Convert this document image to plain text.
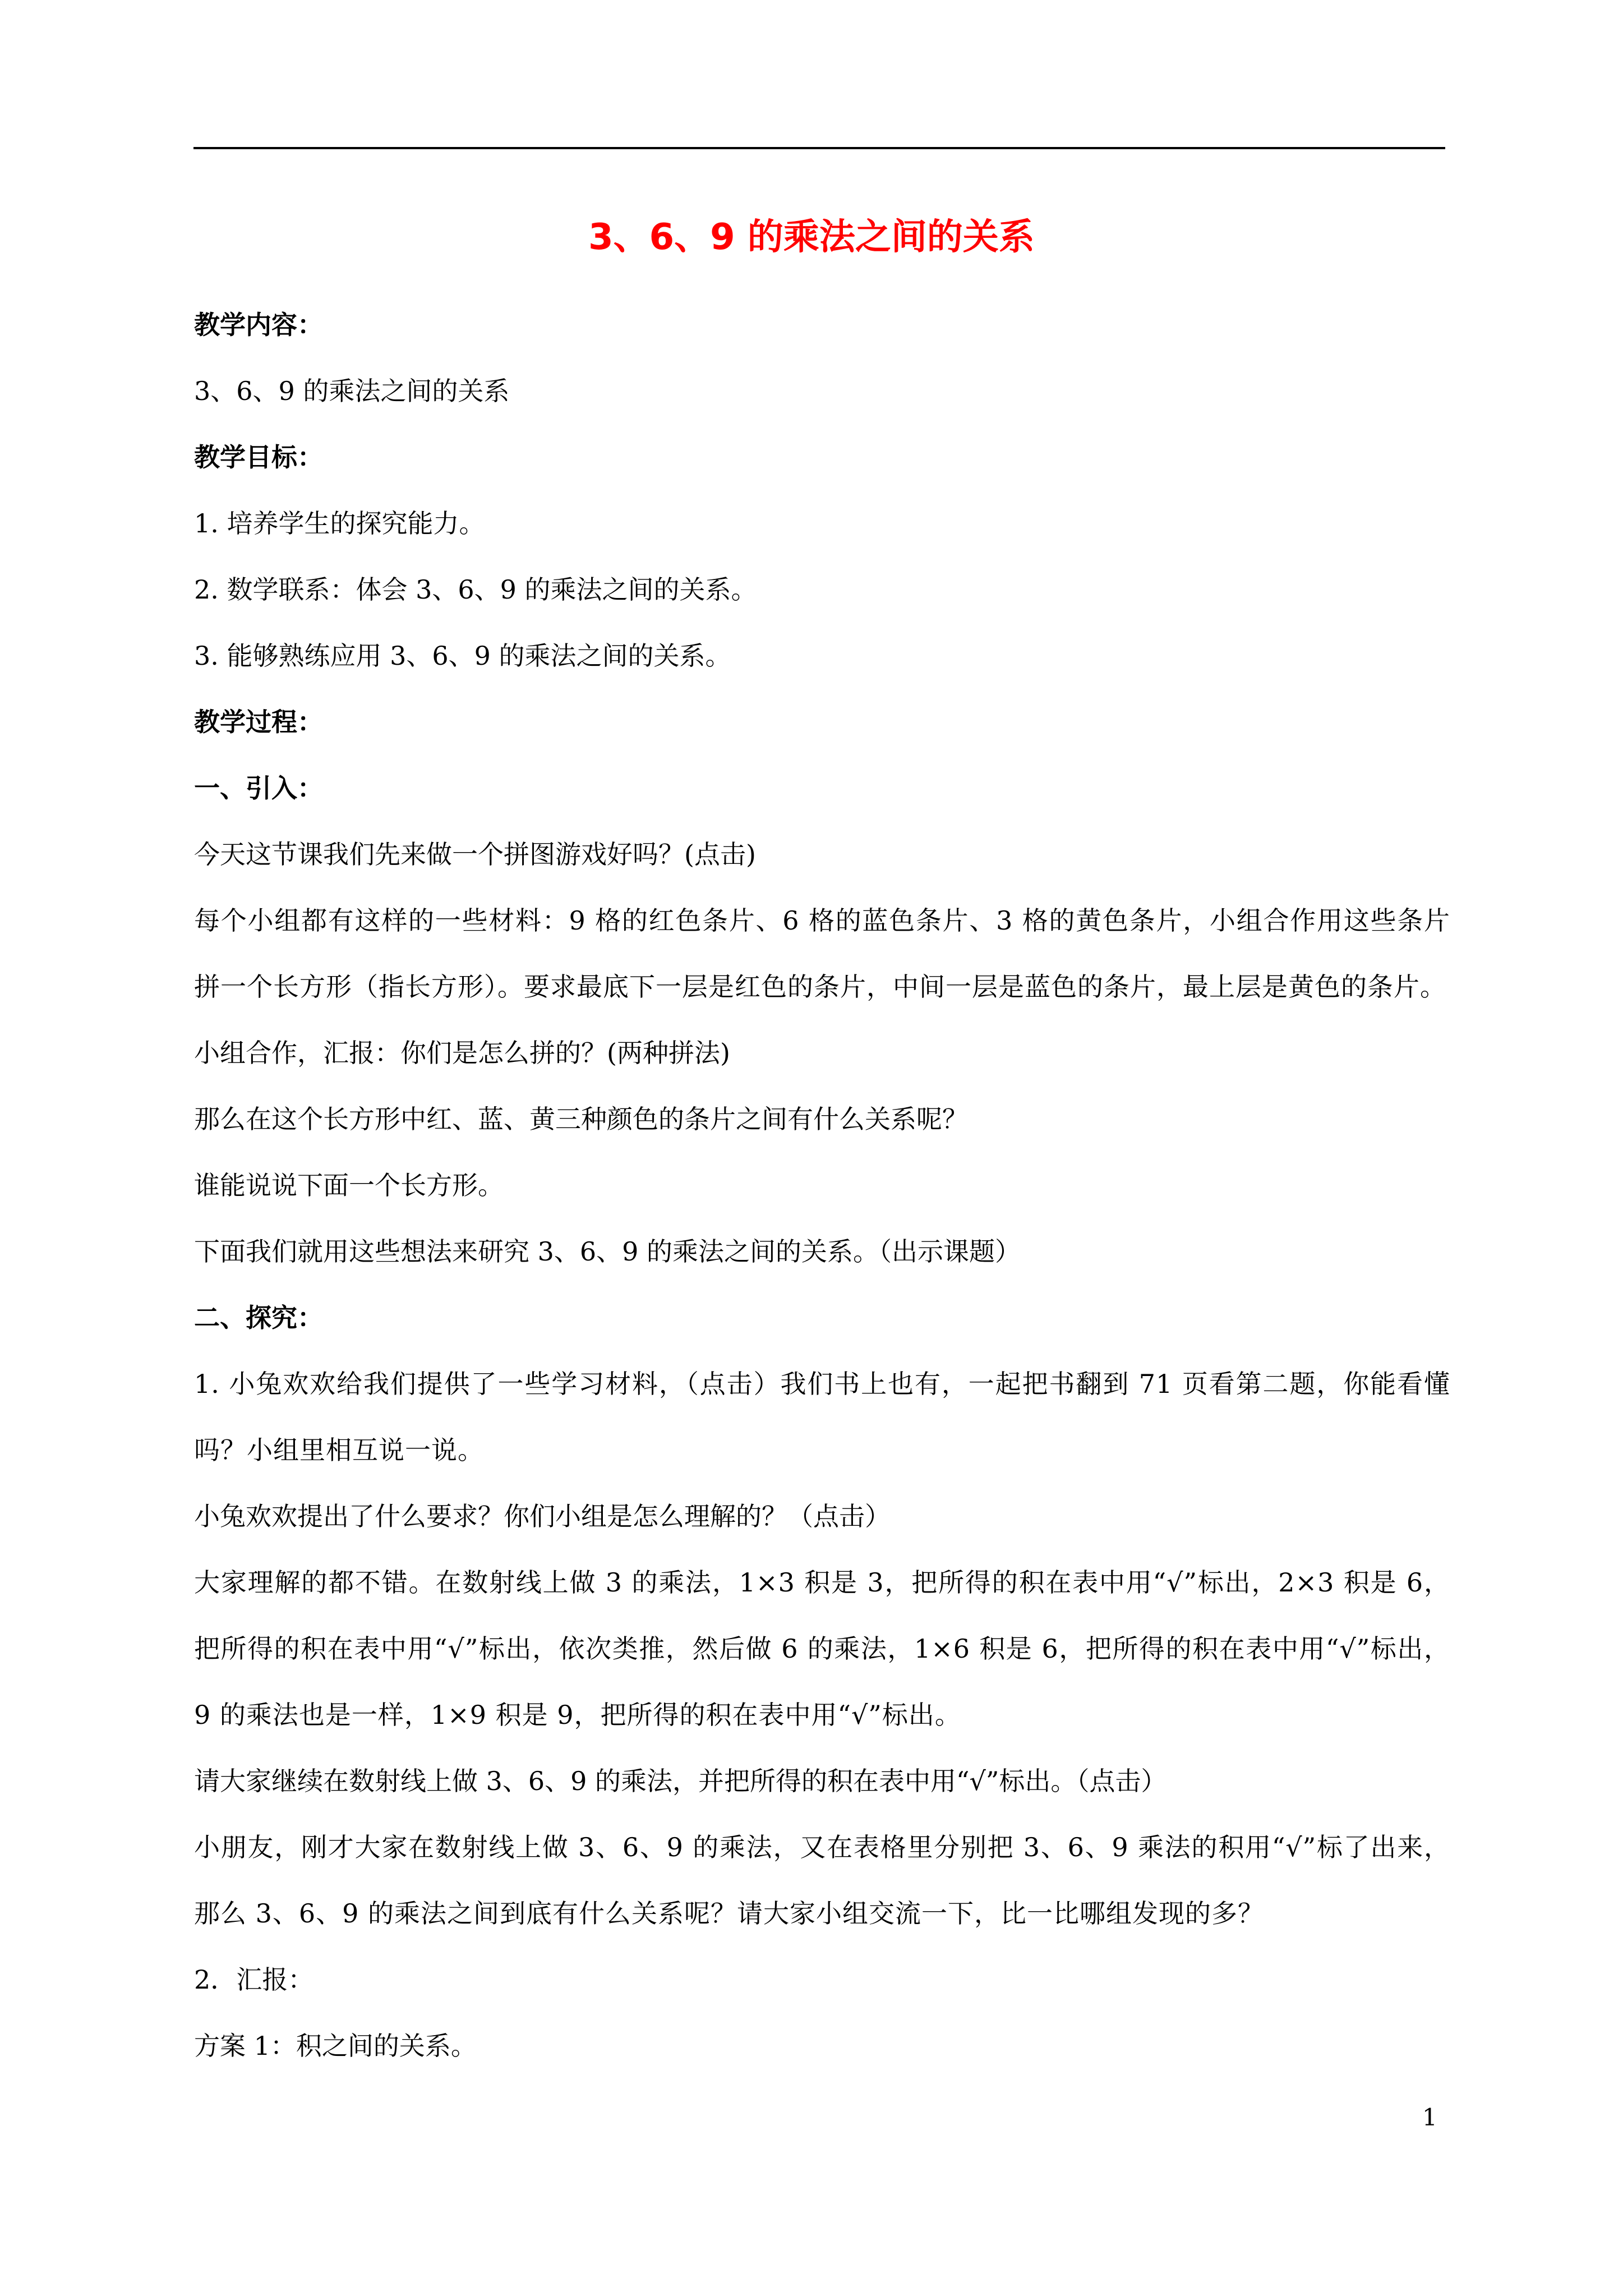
3、6、9 的乘法之间的关系

教学内容：

3、6、9 的乘法之间的关系

教学目标：

1. 培养学生的探究能力。

2. 数学联系：体会 3、6、9 的乘法之间的关系。

3. 能够熟练应用 3、6、9 的乘法之间的关系。

教学过程：

一、引入：

今天这节课我们先来做一个拼图游戏好吗？(点击)

每个小组都有这样的一些材料：9 格的红色条片、6 格的蓝色条片、3 格的黄色条片，小组合作用这些条片拼一个长方形（指长方形）。要求最底下一层是红色的条片，中间一层是蓝色的条片，最上层是黄色的条片。

小组合作，汇报：你们是怎么拼的？(两种拼法)

那么在这个长方形中红、蓝、黄三种颜色的条片之间有什么关系呢？

谁能说说下面一个长方形。

下面我们就用这些想法来研究 3、6、9 的乘法之间的关系。（出示课题）

二、探究：

1. 小兔欢欢给我们提供了一些学习材料，（点击）我们书上也有，一起把书翻到 71 页看第二题，你能看懂吗？小组里相互说一说。

小兔欢欢提出了什么要求？你们小组是怎么理解的？（点击）

大家理解的都不错。在数射线上做 3 的乘法，1×3 积是 3，把所得的积在表中用“√”标出，2×3 积是 6，把所得的积在表中用“√”标出，依次类推，然后做 6 的乘法，1×6 积是 6，把所得的积在表中用“√”标出，9 的乘法也是一样，1×9 积是 9，把所得的积在表中用“√”标出。

请大家继续在数射线上做 3、6、9 的乘法，并把所得的积在表中用“√”标出。（点击）

小朋友，刚才大家在数射线上做 3、6、9 的乘法，又在表格里分别把 3、6、9 乘法的积用“√”标了出来，那么 3、6、9 的乘法之间到底有什么关系呢？请大家小组交流一下，比一比哪组发现的多？

2．汇报：

方案 1：积之间的关系。

1
